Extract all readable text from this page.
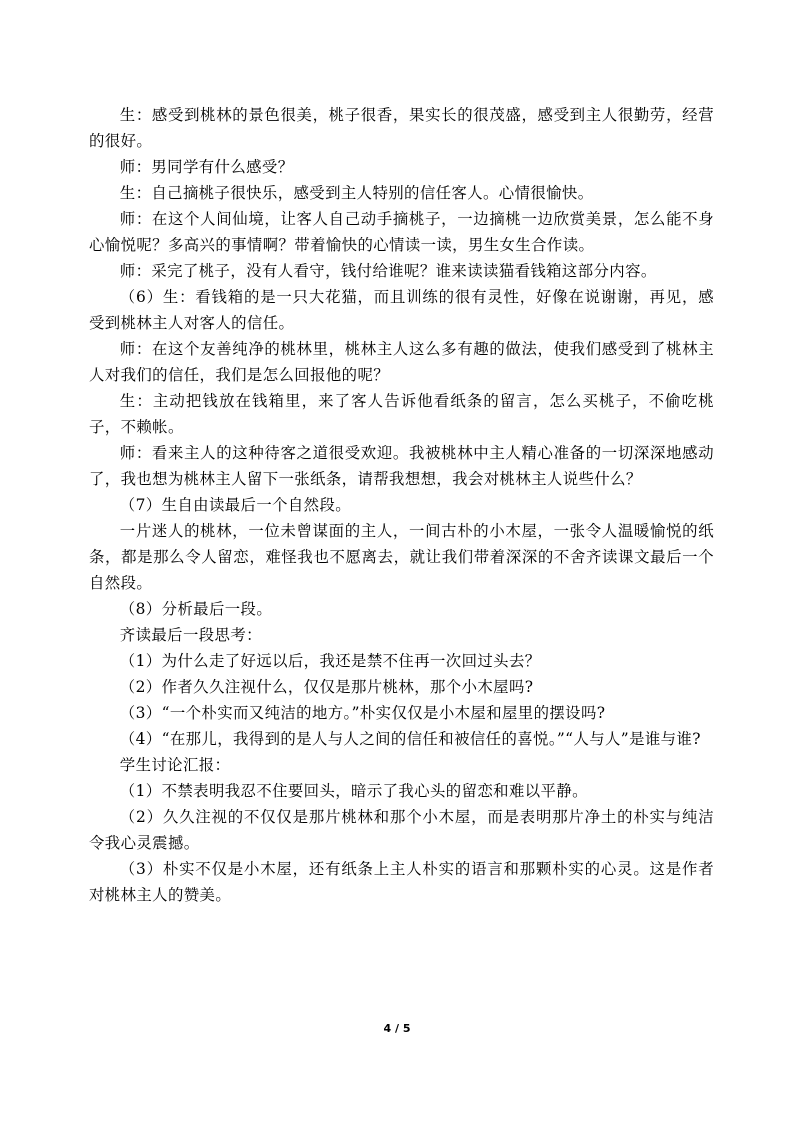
生：感受到桃林的景色很美，桃子很香，果实长的很茂盛，感受到主人很勤劳，经营的很好。

师：男同学有什么感受？

生：自己摘桃子很快乐，感受到主人特别的信任客人。心情很愉快。

师：在这个人间仙境，让客人自己动手摘桃子，一边摘桃一边欣赏美景，怎么能不身心愉悦呢？多高兴的事情啊？带着愉快的心情读一读，男生女生合作读。

师：采完了桃子，没有人看守，钱付给谁呢？谁来读读猫看钱箱这部分内容。

（6）生：看钱箱的是一只大花猫，而且训练的很有灵性，好像在说谢谢，再见，感受到桃林主人对客人的信任。

师：在这个友善纯净的桃林里，桃林主人这么多有趣的做法，使我们感受到了桃林主人对我们的信任，我们是怎么回报他的呢？

生：主动把钱放在钱箱里，来了客人告诉他看纸条的留言，怎么买桃子，不偷吃桃子，不赖帐。

师：看来主人的这种待客之道很受欢迎。我被桃林中主人精心准备的一切深深地感动了，我也想为桃林主人留下一张纸条，请帮我想想，我会对桃林主人说些什么？

（7）生自由读最后一个自然段。

一片迷人的桃林，一位未曾谋面的主人，一间古朴的小木屋，一张令人温暖愉悦的纸条，都是那么令人留恋，难怪我也不愿离去，就让我们带着深深的不舍齐读课文最后一个自然段。

（8）分析最后一段。

齐读最后一段思考：

（1）为什么走了好远以后，我还是禁不住再一次回过头去？

（2）作者久久注视什么，仅仅是那片桃林，那个小木屋吗?

（3）“一个朴实而又纯洁的地方。”朴实仅仅是小木屋和屋里的摆设吗?

（4）“在那儿，我得到的是人与人之间的信任和被信任的喜悦。”“人与人”是谁与谁?

学生讨论汇报：

（1）不禁表明我忍不住要回头，暗示了我心头的留恋和难以平静。

（2）久久注视的不仅仅是那片桃林和那个小木屋，而是表明那片净土的朴实与纯洁令我心灵震撼。

（3）朴实不仅是小木屋，还有纸条上主人朴实的语言和那颗朴实的心灵。这是作者对桃林主人的赞美。

4 / 5
